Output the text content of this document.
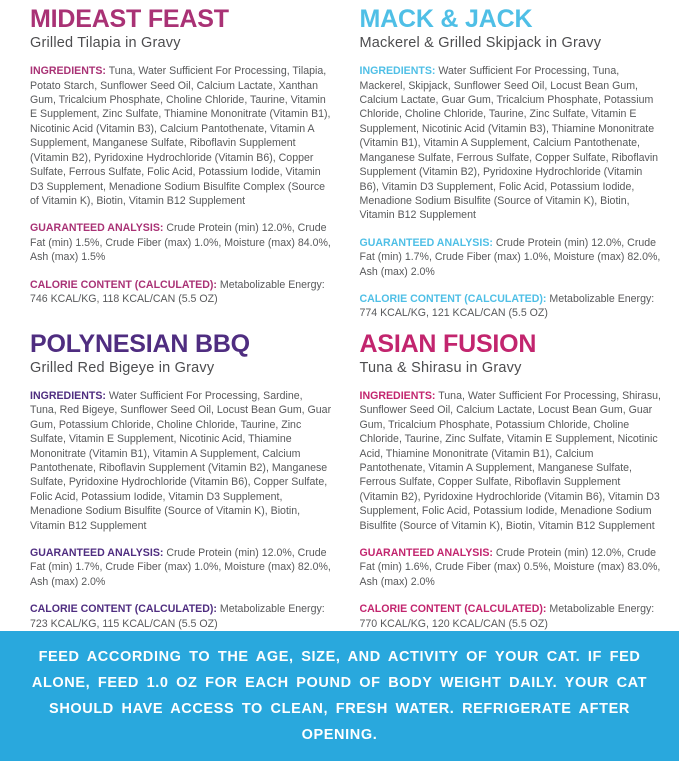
MIDEAST FEAST

Grilled Tilapia in Gravy

INGREDIENTS: Tuna, Water Sufficient For Processing, Tilapia, Potato Starch, Sunflower Seed Oil, Calcium Lactate, Xanthan Gum, Tricalcium Phosphate, Choline Chloride, Taurine, Vitamin E Supplement, Zinc Sulfate, Thiamine Mononitrate (Vitamin B1), Nicotinic Acid (Vitamin B3), Calcium Pantothenate, Vitamin A Supplement, Manganese Sulfate, Riboflavin Supplement (Vitamin B2), Pyridoxine Hydrochloride (Vitamin B6), Copper Sulfate, Ferrous Sulfate, Folic Acid, Potassium Iodide, Vitamin D3 Supplement, Menadione Sodium Bisulfite Complex (Source of Vitamin K), Biotin, Vitamin B12 Supplement

GUARANTEED ANALYSIS: Crude Protein (min) 12.0%, Crude Fat (min) 1.5%, Crude Fiber (max) 1.0%, Moisture (max) 84.0%, Ash (max) 1.5%

CALORIE CONTENT (CALCULATED): Metabolizable Energy: 746 KCAL/KG, 118 KCAL/CAN (5.5 OZ)

MACK & JACK

Mackerel & Grilled Skipjack in Gravy

INGREDIENTS: Water Sufficient For Processing, Tuna, Mackerel, Skipjack, Sunflower Seed Oil, Locust Bean Gum, Calcium Lactate, Guar Gum, Tricalcium Phosphate, Potassium Chloride, Choline Chloride, Taurine, Zinc Sulfate, Vitamin E Supplement, Nicotinic Acid (Vitamin B3), Thiamine Mononitrate (Vitamin B1), Vitamin A Supplement, Calcium Pantothenate, Manganese Sulfate, Ferrous Sulfate, Copper Sulfate, Riboflavin Supplement (Vitamin B2), Pyridoxine Hydrochloride (Vitamin B6), Vitamin D3 Supplement, Folic Acid, Potassium Iodide, Menadione Sodium Bisulfite (Source of Vitamin K), Biotin, Vitamin B12 Supplement

GUARANTEED ANALYSIS: Crude Protein (min) 12.0%, Crude Fat (min) 1.7%, Crude Fiber (max) 1.0%, Moisture (max) 82.0%, Ash (max) 2.0%

CALORIE CONTENT (CALCULATED): Metabolizable Energy: 774 KCAL/KG, 121 KCAL/CAN (5.5 OZ)

POLYNESIAN BBQ

Grilled Red Bigeye in Gravy

INGREDIENTS: Water Sufficient For Processing, Sardine, Tuna, Red Bigeye, Sunflower Seed Oil, Locust Bean Gum, Guar Gum, Potassium Chloride, Choline Chloride, Taurine, Zinc Sulfate, Vitamin E Supplement, Nicotinic Acid, Thiamine Mononitrate (Vitamin B1), Vitamin A Supplement, Calcium Pantothenate, Riboflavin Supplement (Vitamin B2), Manganese Sulfate, Pyridoxine Hydrochloride (Vitamin B6), Copper Sulfate, Folic Acid, Potassium Iodide, Vitamin D3 Supplement, Menadione Sodium Bisulfite (Source of Vitamin K), Biotin, Vitamin B12 Supplement

GUARANTEED ANALYSIS: Crude Protein (min) 12.0%, Crude Fat (min) 1.7%, Crude Fiber (max) 1.0%, Moisture (max) 82.0%, Ash (max) 2.0%

CALORIE CONTENT (CALCULATED): Metabolizable Energy: 723 KCAL/KG, 115 KCAL/CAN (5.5 OZ)

ASIAN FUSION

Tuna & Shirasu in Gravy

INGREDIENTS: Tuna, Water Sufficient For Processing, Shirasu, Sunflower Seed Oil, Calcium Lactate, Locust Bean Gum, Guar Gum, Tricalcium Phosphate, Potassium Chloride, Choline Chloride, Taurine, Zinc Sulfate, Vitamin E Supplement, Nicotinic Acid, Thiamine Mononitrate (Vitamin B1), Calcium Pantothenate, Vitamin A Supplement, Manganese Sulfate, Ferrous Sulfate, Copper Sulfate, Riboflavin Supplement (Vitamin B2), Pyridoxine Hydrochloride (Vitamin B6), Vitamin D3 Supplement, Folic Acid, Potassium Iodide, Menadione Sodium Bisulfite (Source of Vitamin K), Biotin, Vitamin B12 Supplement

GUARANTEED ANALYSIS: Crude Protein (min) 12.0%, Crude Fat (min) 1.6%, Crude Fiber (max) 0.5%, Moisture (max) 83.0%, Ash (max) 2.0%

CALORIE CONTENT (CALCULATED): Metabolizable Energy: 770 KCAL/KG, 120 KCAL/CAN (5.5 OZ)

FEED ACCORDING TO THE AGE, SIZE, AND ACTIVITY OF YOUR CAT. IF FED ALONE, FEED 1.0 OZ FOR EACH POUND OF BODY WEIGHT DAILY. YOUR CAT SHOULD HAVE ACCESS TO CLEAN, FRESH WATER. REFRIGERATE AFTER OPENING.
